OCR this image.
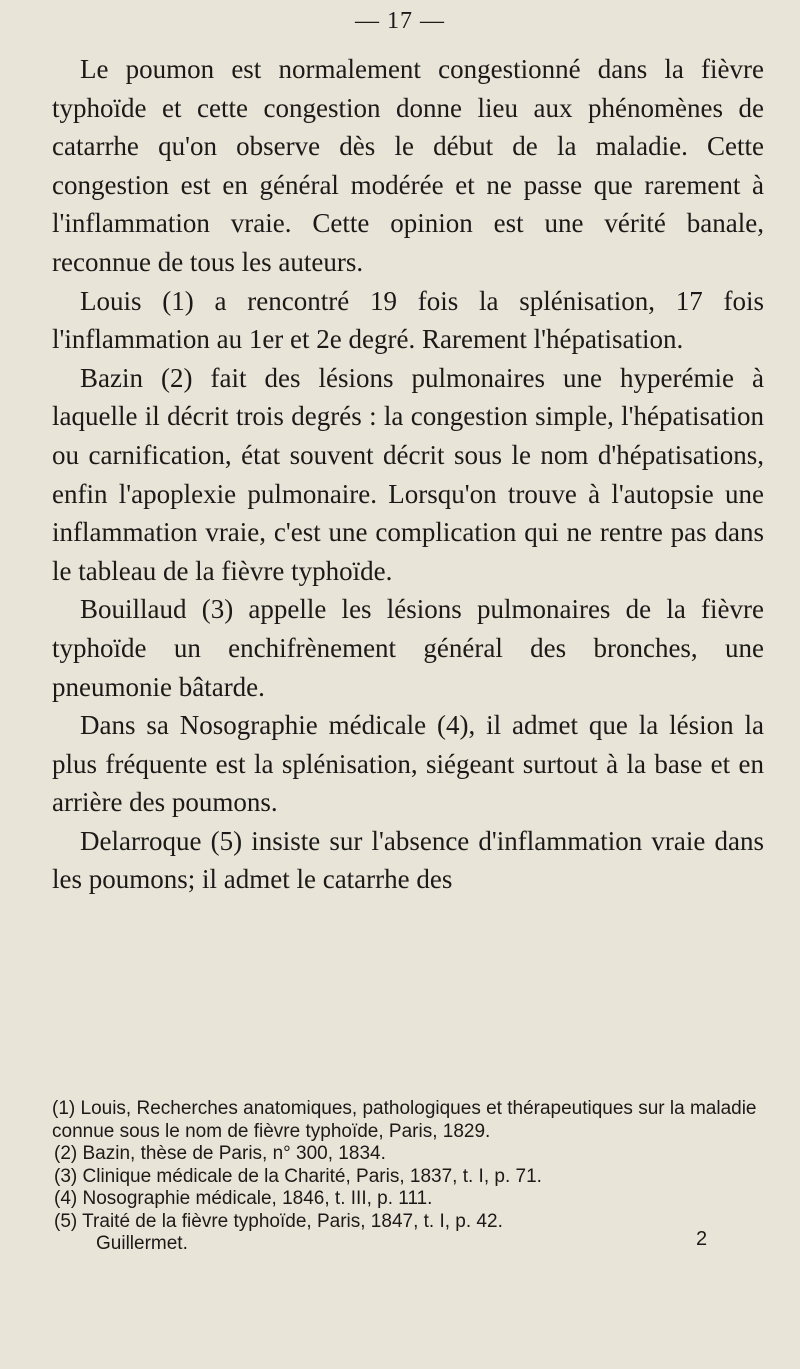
— 17 —

Le poumon est normalement congestionné dans la fièvre typhoïde et cette congestion donne lieu aux phénomènes de catarrhe qu'on observe dès le début de la maladie. Cette congestion est en général modérée et ne passe que rarement à l'inflammation vraie. Cette opinion est une vérité banale, reconnue de tous les auteurs.

Louis (1) a rencontré 19 fois la splénisation, 17 fois l'inflammation au 1er et 2e degré. Rarement l'hépatisation.

Bazin (2) fait des lésions pulmonaires une hyperémie à laquelle il décrit trois degrés : la congestion simple, l'hépatisation ou carnification, état souvent décrit sous le nom d'hépatisations, enfin l'apoplexie pulmonaire. Lorsqu'on trouve à l'autopsie une inflammation vraie, c'est une complication qui ne rentre pas dans le tableau de la fièvre typhoïde.

Bouillaud (3) appelle les lésions pulmonaires de la fièvre typhoïde un enchifrènement général des bronches, une pneumonie bâtarde.

Dans sa Nosographie médicale (4), il admet que la lésion la plus fréquente est la splénisation, siégeant surtout à la base et en arrière des poumons.

Delarroque (5) insiste sur l'absence d'inflammation vraie dans les poumons; il admet le catarrhe des

(1) Louis, Recherches anatomiques, pathologiques et thérapeutiques sur la maladie connue sous le nom de fièvre typhoïde, Paris, 1829.

(2) Bazin, thèse de Paris, n° 300, 1834.

(3) Clinique médicale de la Charité, Paris, 1837, t. I, p. 71.

(4) Nosographie médicale, 1846, t. III, p. 111.

(5) Traité de la fièvre typhoïde, Paris, 1847, t. I, p. 42.

Guillermet.	2
